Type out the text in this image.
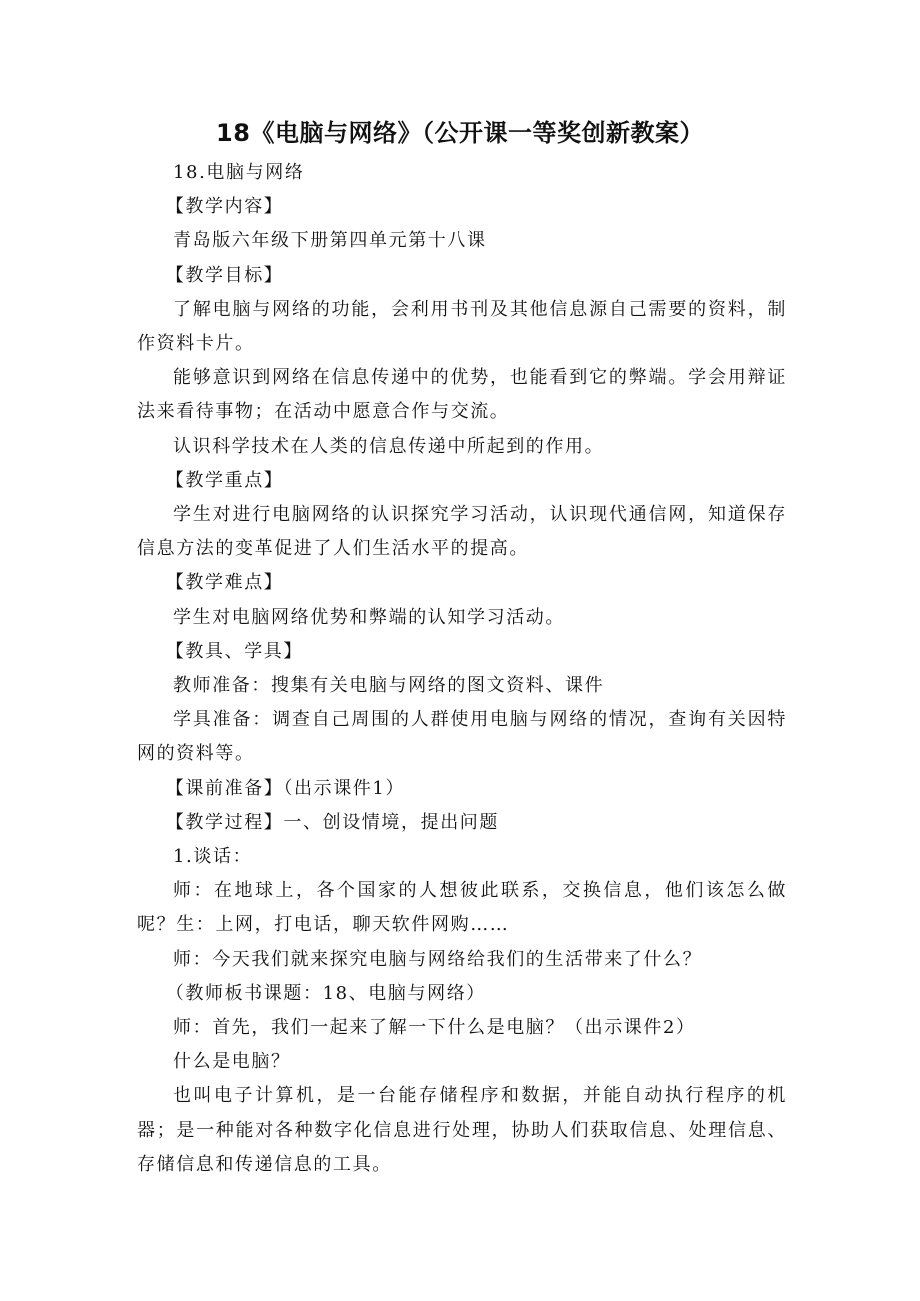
18《电脑与网络》（公开课一等奖创新教案）

18.电脑与网络

【教学内容】

青岛版六年级下册第四单元第十八课

【教学目标】

了解电脑与网络的功能，会利用书刊及其他信息源自己需要的资料，制作资料卡片。

能够意识到网络在信息传递中的优势，也能看到它的弊端。学会用辩证法来看待事物；在活动中愿意合作与交流。

认识科学技术在人类的信息传递中所起到的作用。

【教学重点】

学生对进行电脑网络的认识探究学习活动，认识现代通信网，知道保存信息方法的变革促进了人们生活水平的提高。

【教学难点】

学生对电脑网络优势和弊端的认知学习活动。

【教具、学具】

教师准备：搜集有关电脑与网络的图文资料、课件

学具准备：调查自己周围的人群使用电脑与网络的情况，查询有关因特网的资料等。

【课前准备】（出示课件1）

【教学过程】一、创设情境，提出问题

1.谈话：

师：在地球上，各个国家的人想彼此联系，交换信息，他们该怎么做呢？生：上网，打电话，聊天软件网购……

师：今天我们就来探究电脑与网络给我们的生活带来了什么？

（教师板书课题：18、电脑与网络）

师：首先，我们一起来了解一下什么是电脑？（出示课件2）

什么是电脑？

也叫电子计算机，是一台能存储程序和数据，并能自动执行程序的机器；是一种能对各种数字化信息进行处理，协助人们获取信息、处理信息、存储信息和传递信息的工具。
